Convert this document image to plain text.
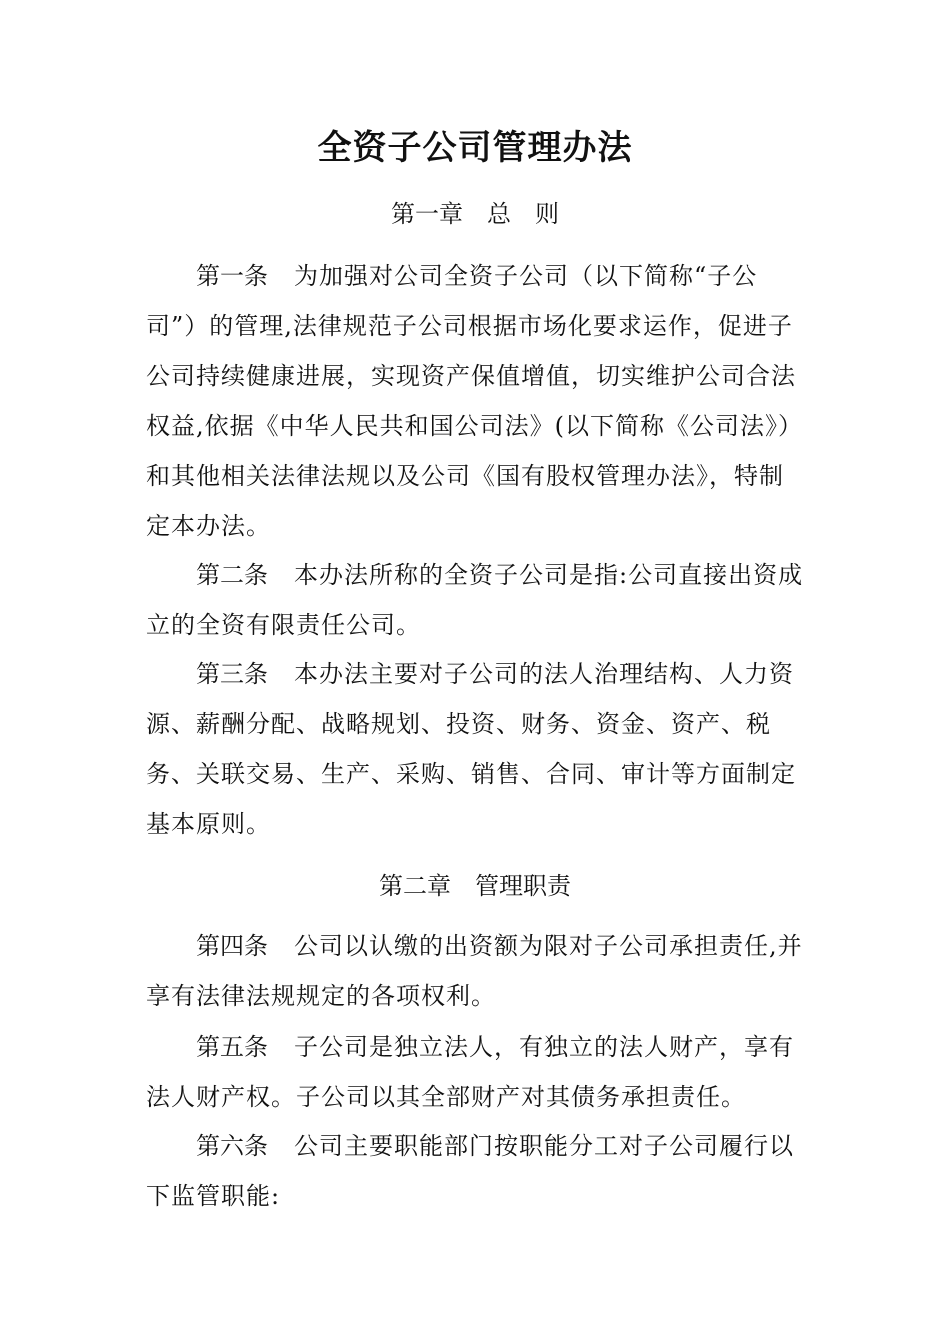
全资子公司管理办法
第一章 总　则

第一条 为加强对公司全资子公司（以下简称“子公司”）的管理,法律规范子公司根据市场化要求运作，促进子公司持续健康进展，实现资产保值增值，切实维护公司合法权益,依据《中华人民共和国公司法》(以下简称《公司法》）和其他相关法律法规以及公司《国有股权管理办法》，特制定本办法。

第二条 本办法所称的全资子公司是指:公司直接出资成立的全资有限责任公司。

第三条 本办法主要对子公司的法人治理结构、人力资源、薪酬分配、战略规划、投资、财务、资金、资产、税务、关联交易、生产、采购、销售、合同、审计等方面制定基本原则。

第二章 管理职责

第四条 公司以认缴的出资额为限对子公司承担责任,并享有法律法规规定的各项权利。

第五条 子公司是独立法人，有独立的法人财产，享有法人财产权。子公司以其全部财产对其债务承担责任。

第六条 公司主要职能部门按职能分工对子公司履行以下监管职能:
